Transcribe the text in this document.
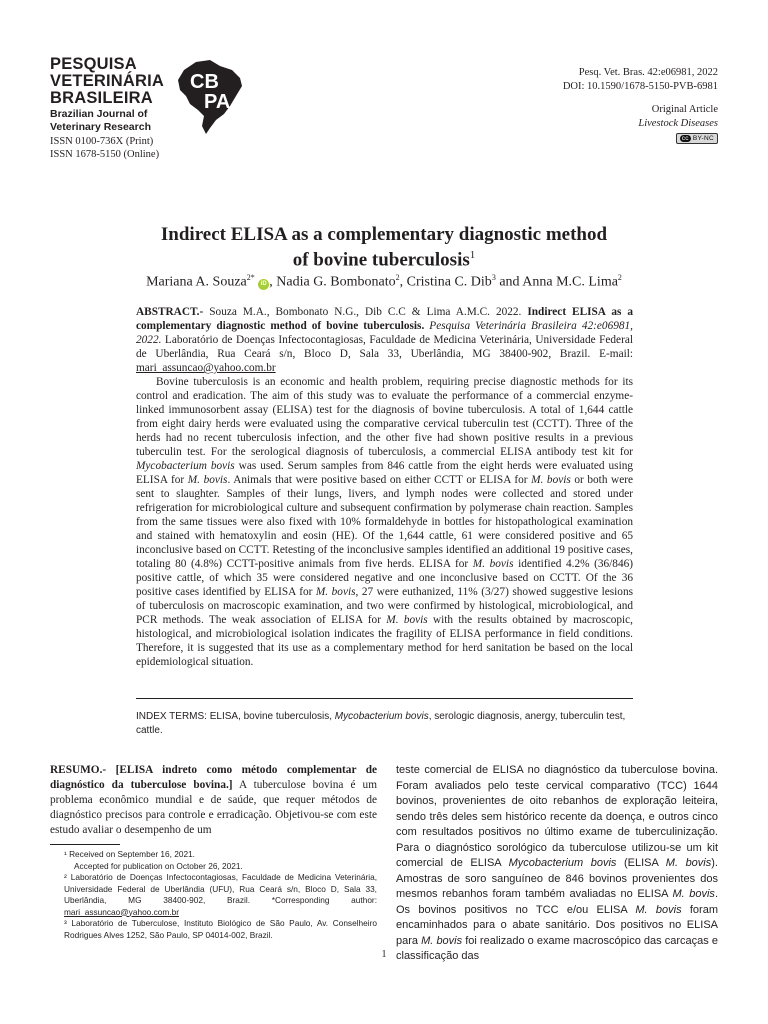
PESQUISA
VETERINÁRIA
BRASILEIRA
Brazilian Journal of
Veterinary Research
ISSN 0100-736X (Print)
ISSN 1678-5150 (Online)
CB
PA
Pesq. Vet. Bras. 42:e06981, 2022
DOI: 10.1590/1678-5150-PVB-6981
Original Article
Livestock Diseases
cc BY-NC
Indirect ELISA as a complementary diagnostic method
of bovine tuberculosis$^1$
Mariana A. Souza$^{2*}$ iD , Nadia G. Bombonato$^2$, Cristina C. Dib$^3$ and Anna M.C. Lima$^2$

ABSTRACT.- Souza M.A., Bombonato N.G., Dib C.C & Lima A.M.C. 2022. Indirect ELISA as a complementary diagnostic method of bovine tuberculosis. Pesquisa Veterinária Brasileira 42:e06981, 2022. Laboratório de Doenças Infectocontagiosas, Faculdade de Medicina Veterinária, Universidade Federal de Uberlândia, Rua Ceará s/n, Bloco D, Sala 33, Uberlândia, MG 38400-902, Brazil. E-mail: mari_assuncao@yahoo.com.br

Bovine tuberculosis is an economic and health problem, requiring precise diagnostic methods for its control and eradication. The aim of this study was to evaluate the performance of a commercial enzyme-linked immunosorbent assay (ELISA) test for the diagnosis of bovine tuberculosis. A total of 1,644 cattle from eight dairy herds were evaluated using the comparative cervical tuberculin test (CCTT). Three of the herds had no recent tuberculosis infection, and the other five had shown positive results in a previous tuberculin test. For the serological diagnosis of tuberculosis, a commercial ELISA antibody test kit for Mycobacterium bovis was used. Serum samples from 846 cattle from the eight herds were evaluated using ELISA for M. bovis. Animals that were positive based on either CCTT or ELISA for M. bovis or both were sent to slaughter. Samples of their lungs, livers, and lymph nodes were collected and stored under refrigeration for microbiological culture and subsequent confirmation by polymerase chain reaction. Samples from the same tissues were also fixed with 10% formaldehyde in bottles for histopathological examination and stained with hematoxylin and eosin (HE). Of the 1,644 cattle, 61 were considered positive and 65 inconclusive based on CCTT. Retesting of the inconclusive samples identified an additional 19 positive cases, totaling 80 (4.8%) CCTT-positive animals from five herds. ELISA for M. bovis identified 4.2% (36/846) positive cattle, of which 35 were considered negative and one inconclusive based on CCTT. Of the 36 positive cases identified by ELISA for M. bovis, 27 were euthanized, 11% (3/27) showed suggestive lesions of tuberculosis on macroscopic examination, and two were confirmed by histological, microbiological, and PCR methods. The weak association of ELISA for M. bovis with the results obtained by macroscopic, histological, and microbiological isolation indicates the fragility of ELISA performance in field conditions. Therefore, it is suggested that its use as a complementary method for herd sanitation be based on the local epidemiological situation.

INDEX TERMS: ELISA, bovine tuberculosis, Mycobacterium bovis, serologic diagnosis, anergy, tuberculin test, cattle.

RESUMO.- [ELISA indreto como método complementar de diagnóstico da tuberculose bovina.] A tuberculose bovina é um problema econômico mundial e de saúde, que requer métodos de diagnóstico precisos para controle e erradicação. Objetivou-se com este estudo avaliar o desempenho de um

¹ Received on September 16, 2021.

Accepted for publication on October 26, 2021.

² Laboratório de Doenças Infectocontagiosas, Faculdade de Medicina Veterinária, Universidade Federal de Uberlândia (UFU), Rua Ceará s/n, Bloco D, Sala 33, Uberlândia, MG 38400-902, Brazil. *Corresponding author: mari_assuncao@yahoo.com.br

³ Laboratório de Tuberculose, Instituto Biológico de São Paulo, Av. Conselheiro Rodrigues Alves 1252, São Paulo, SP 04014-002, Brazil.

teste comercial de ELISA no diagnóstico da tuberculose bovina. Foram avaliados pelo teste cervical comparativo (TCC) 1644 bovinos, provenientes de oito rebanhos de exploração leiteira, sendo três deles sem histórico recente da doença, e outros cinco com resultados positivos no último exame de tuberculinização. Para o diagnóstico sorológico da tuberculose utilizou-se um kit comercial de ELISA Mycobacterium bovis (ELISA M. bovis). Amostras de soro sanguíneo de 846 bovinos provenientes dos mesmos rebanhos foram também avaliadas no ELISA M. bovis. Os bovinos positivos no TCC e/ou ELISA M. bovis foram encaminhados para o abate sanitário. Dos positivos no ELISA para M. bovis foi realizado o exame macroscópico das carcaças e classificação das

1
